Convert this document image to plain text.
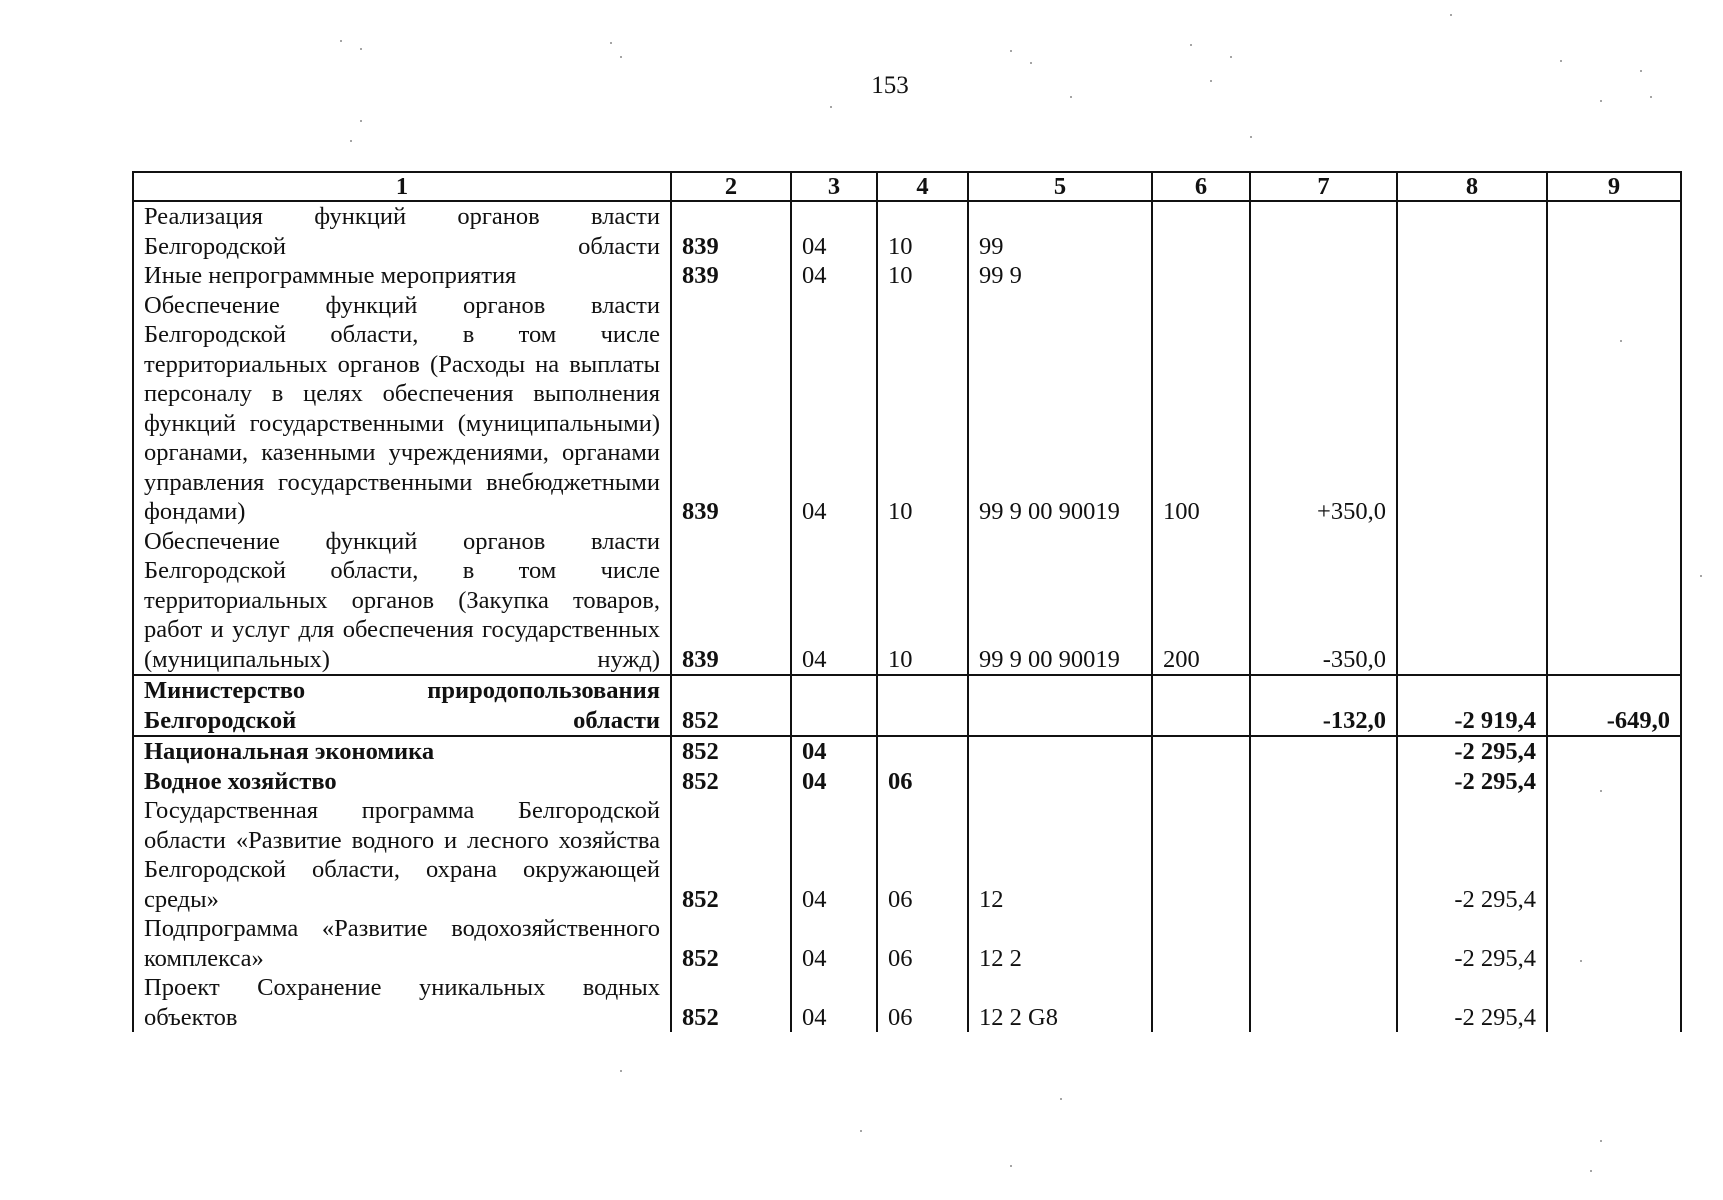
153
1	2	3	4	5	6	7	8	9
Реализация функций органов власти Белгородской области	839	04	10	99				
Иные непрограммные мероприятия	839	04	10	99 9				
Обеспечение функций органов власти Белгородской области, в том числе территориальных органов (Расходы на выплаты персоналу в целях обеспечения выполнения функций государственными (муниципальными) органами, казенными учреждениями, органами управления государственными внебюджетными фондами)	839	04	10	99 9 00 90019	100	+350,0		
Обеспечение функций органов власти Белгородской области, в том числе территориальных органов (Закупка товаров, работ и услуг для обеспечения государственных (муниципальных) нужд)	839	04	10	99 9 00 90019	200	-350,0		
Министерство природопользования Белгородской области	852					-132,0	-2 919,4	-649,0
Национальная экономика	852	04					-2 295,4	
Водное хозяйство	852	04	06				-2 295,4	
Государственная программа Белгородской области «Развитие водного и лесного хозяйства Белгородской области, охрана окружающей среды»	852	04	06	12			-2 295,4	
Подпрограмма «Развитие водохозяйственного комплекса»	852	04	06	12 2			-2 295,4	
Проект Сохранение уникальных водных объектов	852	04	06	12 2 G8			-2 295,4	
